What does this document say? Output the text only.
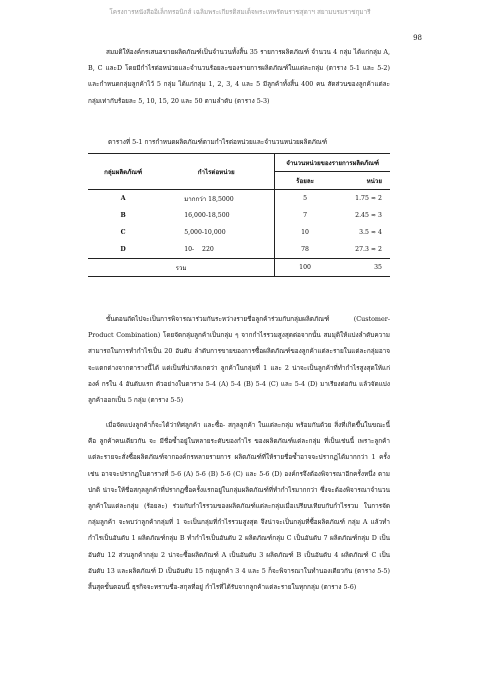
โครงการหนังสืออิเล็กทรอนิกส์ เฉลิมพระเกียรติสมเด็จพระเทพรัตนราชสุดาฯ สยามบรมราชกุมารี
98

สมมติให้องค์กรเสนอขายผลิตภัณฑ์เป็นจำนวนทั้งสิ้น 35 รายการผลิตภัณฑ์ จำนวน 4 กลุ่ม ได้แก่กลุ่ม A, B, C และD โดยมีกำไรต่อหน่วยและจำนวนร้อยละของรายการผลิตภัณฑ์ในแต่ละกลุ่ม (ตาราง 5-1 และ 5-2) และกำหนดกลุ่มลูกค้าไว้ 5 กลุ่ม ได้แก่กลุ่ม 1, 2, 3, 4 และ 5 มีลูกค้าทั้งสิ้น 400 คน สัดส่วนของลูกค้าแต่ละกลุ่มเท่ากับร้อยละ 5, 10, 15, 20 และ 50 ตามลำดับ (ตาราง 5-3)

ตารางที่ 5-1 การกำหนดผลิตภัณฑ์ตามกำไรต่อหน่วยและจำนวนหน่วยผลิตภัณฑ์
กลุ่มผลิตภัณฑ์	กำไรต่อหน่วย	จำนวนหน่วยของรายการผลิตภัณฑ์	
		ร้อยละ	หน่วย
A	มากกว่า 18,5000	5	1.75 ≈ 2
B	16,000-18,500	7	2.45 ≈ 3
C	5,000-10,000	10	3.5 ≈ 4
D	10-    220	78	27.3 ≈ 2
รวม		100	35

ขั้นตอนถัดไปจะเป็นการพิจารณาร่วมกันระหว่างรายชื่อลูกค้าร่วมกับกลุ่มผลิตภัณฑ์ (Customer-Product Combination) โดยจัดกลุ่มลูกค้าเป็นกลุ่ม ๆ จากกำไรรวมสูงสุดต่อจากนั้น สมมุติให้แบ่งลำดับความสามารถในการทำกำไรเป็น 20 อันดับ ลำดับการขายของการซื้อผลิตภัณฑ์ของลูกค้าแต่ละรายในแต่ละกลุ่มอาจจะแตกต่างจากตารางนี้ได้ แต่เป็นที่น่าสังเกตว่า ลูกค้าในกลุ่มที่ 1 และ 2 น่าจะเป็นลูกค้าที่ทำกำไรสูงสุดให้แก่องค์ กรใน 4 อันดับแรก ตัวอย่างในตาราง 5-4 (A) 5-4 (B) 5-4 (C) และ 5-4 (D) มาเรียงต่อกัน แล้วจัดแบ่งลูกค้าออกเป็น 5 กลุ่ม (ตาราง 5-5)

เมื่อจัดแบ่งลูกค้าก็จะได้ว่าทิศลูกค้า และซื้อ- สกุลลูกค้า ในแต่ละกลุ่ม พร้อมกันด้วย สิ่งที่เกิดขึ้นในขณะนี้ คือ ลูกค้าคนเดียวกัน จะ มีชื่อซ้ำอยู่ในหลายระดับของกำไร ของผลิตภัณฑ์แต่ละกลุ่ม ที่เป็นเช่นนี้ เพราะลูกค้าแต่ละรายจะสั่งซื้อผลิตภัณฑ์จากองค์กรหลายรายการ ผลิตภัณฑ์ที่ให้รายชื่อซ้ำอาจจะปรากฏได้มากกว่า 1 ครั้ง เช่น อาจจะปรากฏในตารางที่ 5-6 (A) 5-6 (B) 5-6 (C) และ 5-6 (D) องค์กรจึงต้องพิจารณาอีกครั้งหนึ่ง ตามปกติ น่าจะให้ชื่อสกุลลูกค้าที่ปรากฏซื้อครั้งแรกอยู่ในกลุ่มผลิตภัณฑ์ที่ทำกำไรมากกว่า ซึ่งจะต้องพิจารณาจำนวนลูกค้าในแต่ละกลุ่ม (ร้อยละ) ร่วมกับกำไรรวมของผลิตภัณฑ์แต่ละกลุ่มเมื่อเปรียบเทียบกับกำไรรวม ในการจัดกลุ่มลูกค้า จะพบว่าลูกค้ากลุ่มที่ 1 จะเป็นกลุ่มที่กำไรรวมสูงสุด จึงน่าจะเป็นกลุ่มที่ซื้อผลิตภัณฑ์ กลุ่ม A แล้วทำกำไรเป็นอันดับ 1 ผลิตภัณฑ์กลุ่ม B ทำกำไรเป็นอันดับ 2 ผลิตภัณฑ์กลุ่ม C เป็นอันดับ 7 ผลิตภัณฑ์กลุ่ม D เป็นอันดับ 12 ส่วนลูกค้ากลุ่ม 2 น่าจะซื้อผลิตภัณฑ์ A เป็นอันดับ 3 ผลิตภัณฑ์ B เป็นอันดับ 4 ผลิตภัณฑ์ C เป็นอันดับ 13 และผลิตภัณฑ์ D เป็นอันดับ 15 กลุ่มลูกค้า 3 4 และ 5 ก็จะพิจารณาในทำนองเดียวกัน (ตาราง 5-5) สิ้นสุดขั้นตอนนี้ ธุรกิจจะทราบชื่อ-สกุลที่อยู่ กำไรที่ได้รับจากลูกค้าแต่ละรายในทุกกลุ่ม (ตาราง 5-6)
